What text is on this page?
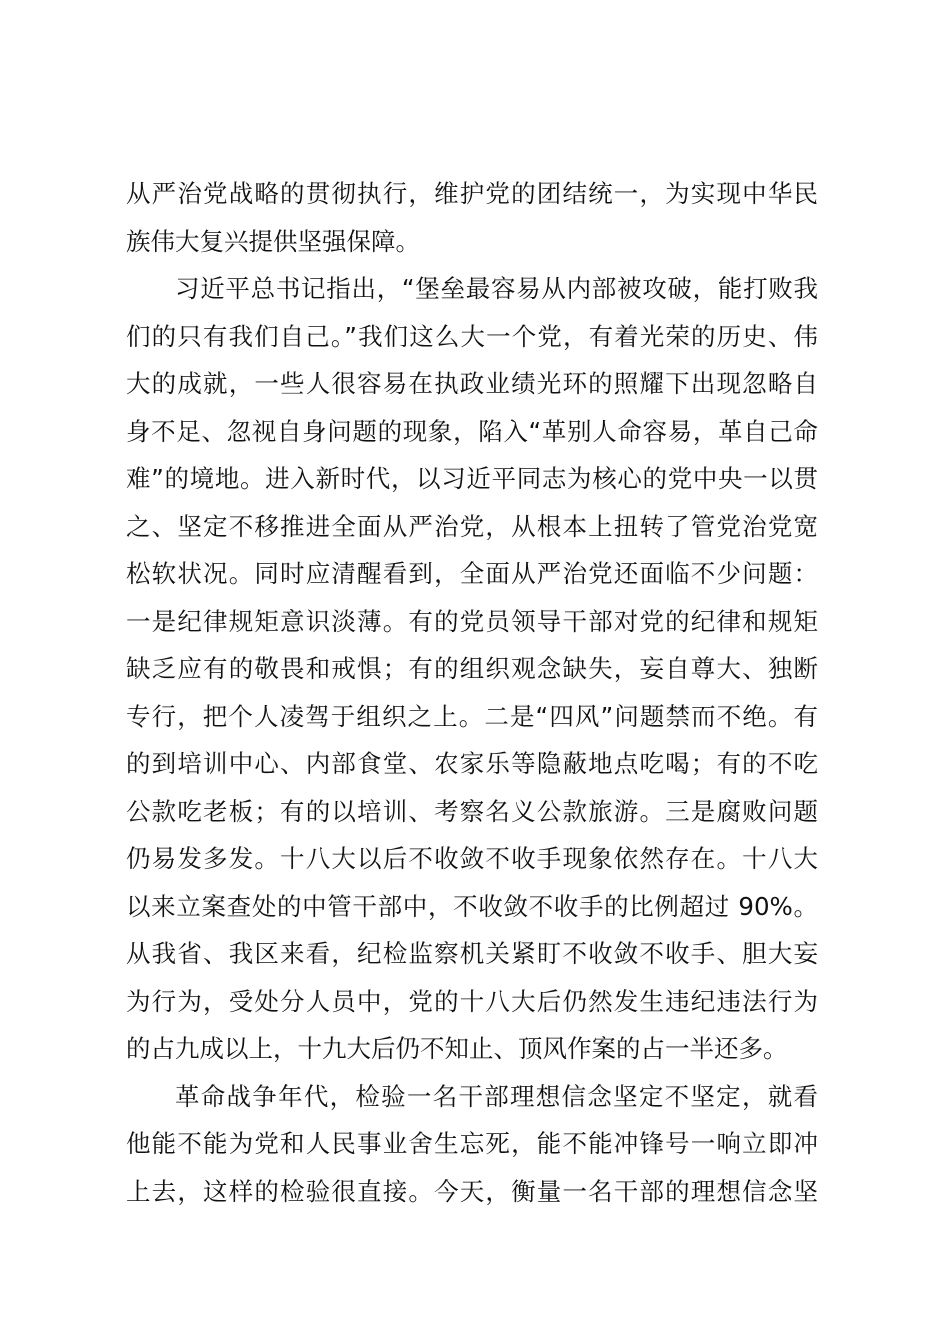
从严治党战略的贯彻执行，维护党的团结统一，为实现中华民
族伟大复兴提供坚强保障。
习近平总书记指出，“堡垒最容易从内部被攻破，能打败我
们的只有我们自己。”我们这么大一个党，有着光荣的历史、伟
大的成就，一些人很容易在执政业绩光环的照耀下出现忽略自
身不足、忽视自身问题的现象，陷入“革别人命容易，革自己命
难”的境地。进入新时代，以习近平同志为核心的党中央一以贯
之、坚定不移推进全面从严治党，从根本上扭转了管党治党宽
松软状况。同时应清醒看到，全面从严治党还面临不少问题：
一是纪律规矩意识淡薄。有的党员领导干部对党的纪律和规矩
缺乏应有的敬畏和戒惧；有的组织观念缺失，妄自尊大、独断
专行，把个人凌驾于组织之上。二是“四风”问题禁而不绝。有
的到培训中心、内部食堂、农家乐等隐蔽地点吃喝；有的不吃
公款吃老板；有的以培训、考察名义公款旅游。三是腐败问题
仍易发多发。十八大以后不收敛不收手现象依然存在。十八大
以来立案查处的中管干部中，不收敛不收手的比例超过 90%。
从我省、我区来看，纪检监察机关紧盯不收敛不收手、胆大妄
为行为，受处分人员中，党的十八大后仍然发生违纪违法行为
的占九成以上，十九大后仍不知止、顶风作案的占一半还多。
革命战争年代，检验一名干部理想信念坚定不坚定，就看
他能不能为党和人民事业舍生忘死，能不能冲锋号一响立即冲
上去，这样的检验很直接。今天，衡量一名干部的理想信念坚
